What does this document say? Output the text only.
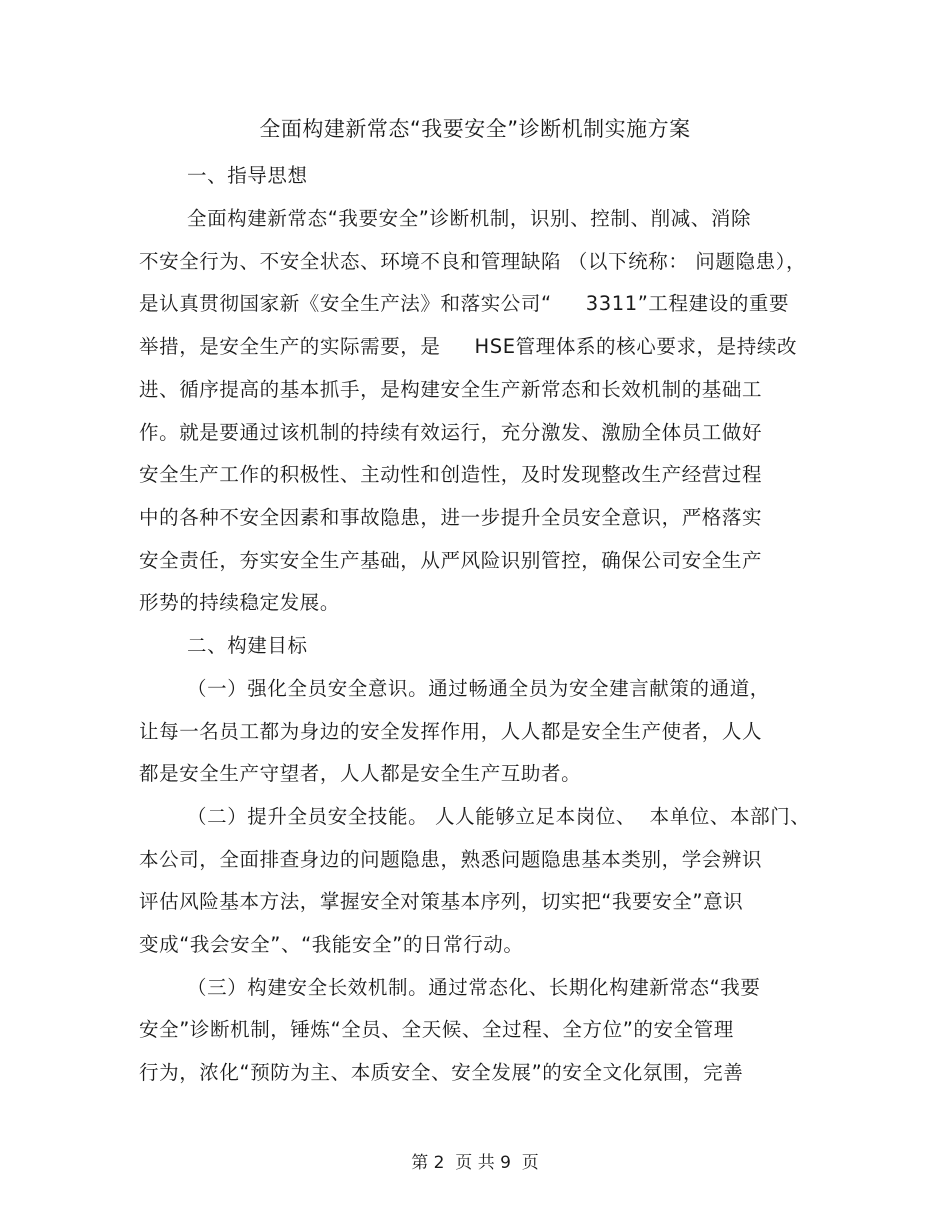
全面构建新常态“我要安全”诊断机制实施方案
一、指导思想
全面构建新常态“我要安全”诊断机制，识别、控制、削减、消除
不安全行为、不安全状态、环境不良和管理缺陷 （以下统称： 问题隐患），
是认真贯彻国家新《安全生产法》和落实公司“     3311”工程建设的重要
举措，是安全生产的实际需要，是     HSE管理体系的核心要求，是持续改
进、循序提高的基本抓手，是构建安全生产新常态和长效机制的基础工
作。就是要通过该机制的持续有效运行，充分激发、激励全体员工做好
安全生产工作的积极性、主动性和创造性，及时发现整改生产经营过程
中的各种不安全因素和事故隐患，进一步提升全员安全意识，严格落实
安全责任，夯实安全生产基础，从严风险识别管控，确保公司安全生产
形势的持续稳定发展。
二、构建目标
（一）强化全员安全意识。通过畅通全员为安全建言献策的通道，
让每一名员工都为身边的安全发挥作用，人人都是安全生产使者，人人
都是安全生产守望者，人人都是安全生产互助者。
（二）提升全员安全技能。 人人能够立足本岗位、  本单位、本部门、
本公司，全面排查身边的问题隐患，熟悉问题隐患基本类别，学会辨识
评估风险基本方法，掌握安全对策基本序列，切实把“我要安全”意识
变成“我会安全”、“我能安全”的日常行动。
（三）构建安全长效机制。通过常态化、长期化构建新常态“我要
安全”诊断机制，锤炼“全员、全天候、全过程、全方位”的安全管理
行为，浓化“预防为主、本质安全、安全发展”的安全文化氛围，完善
第 2  页 共 9  页
